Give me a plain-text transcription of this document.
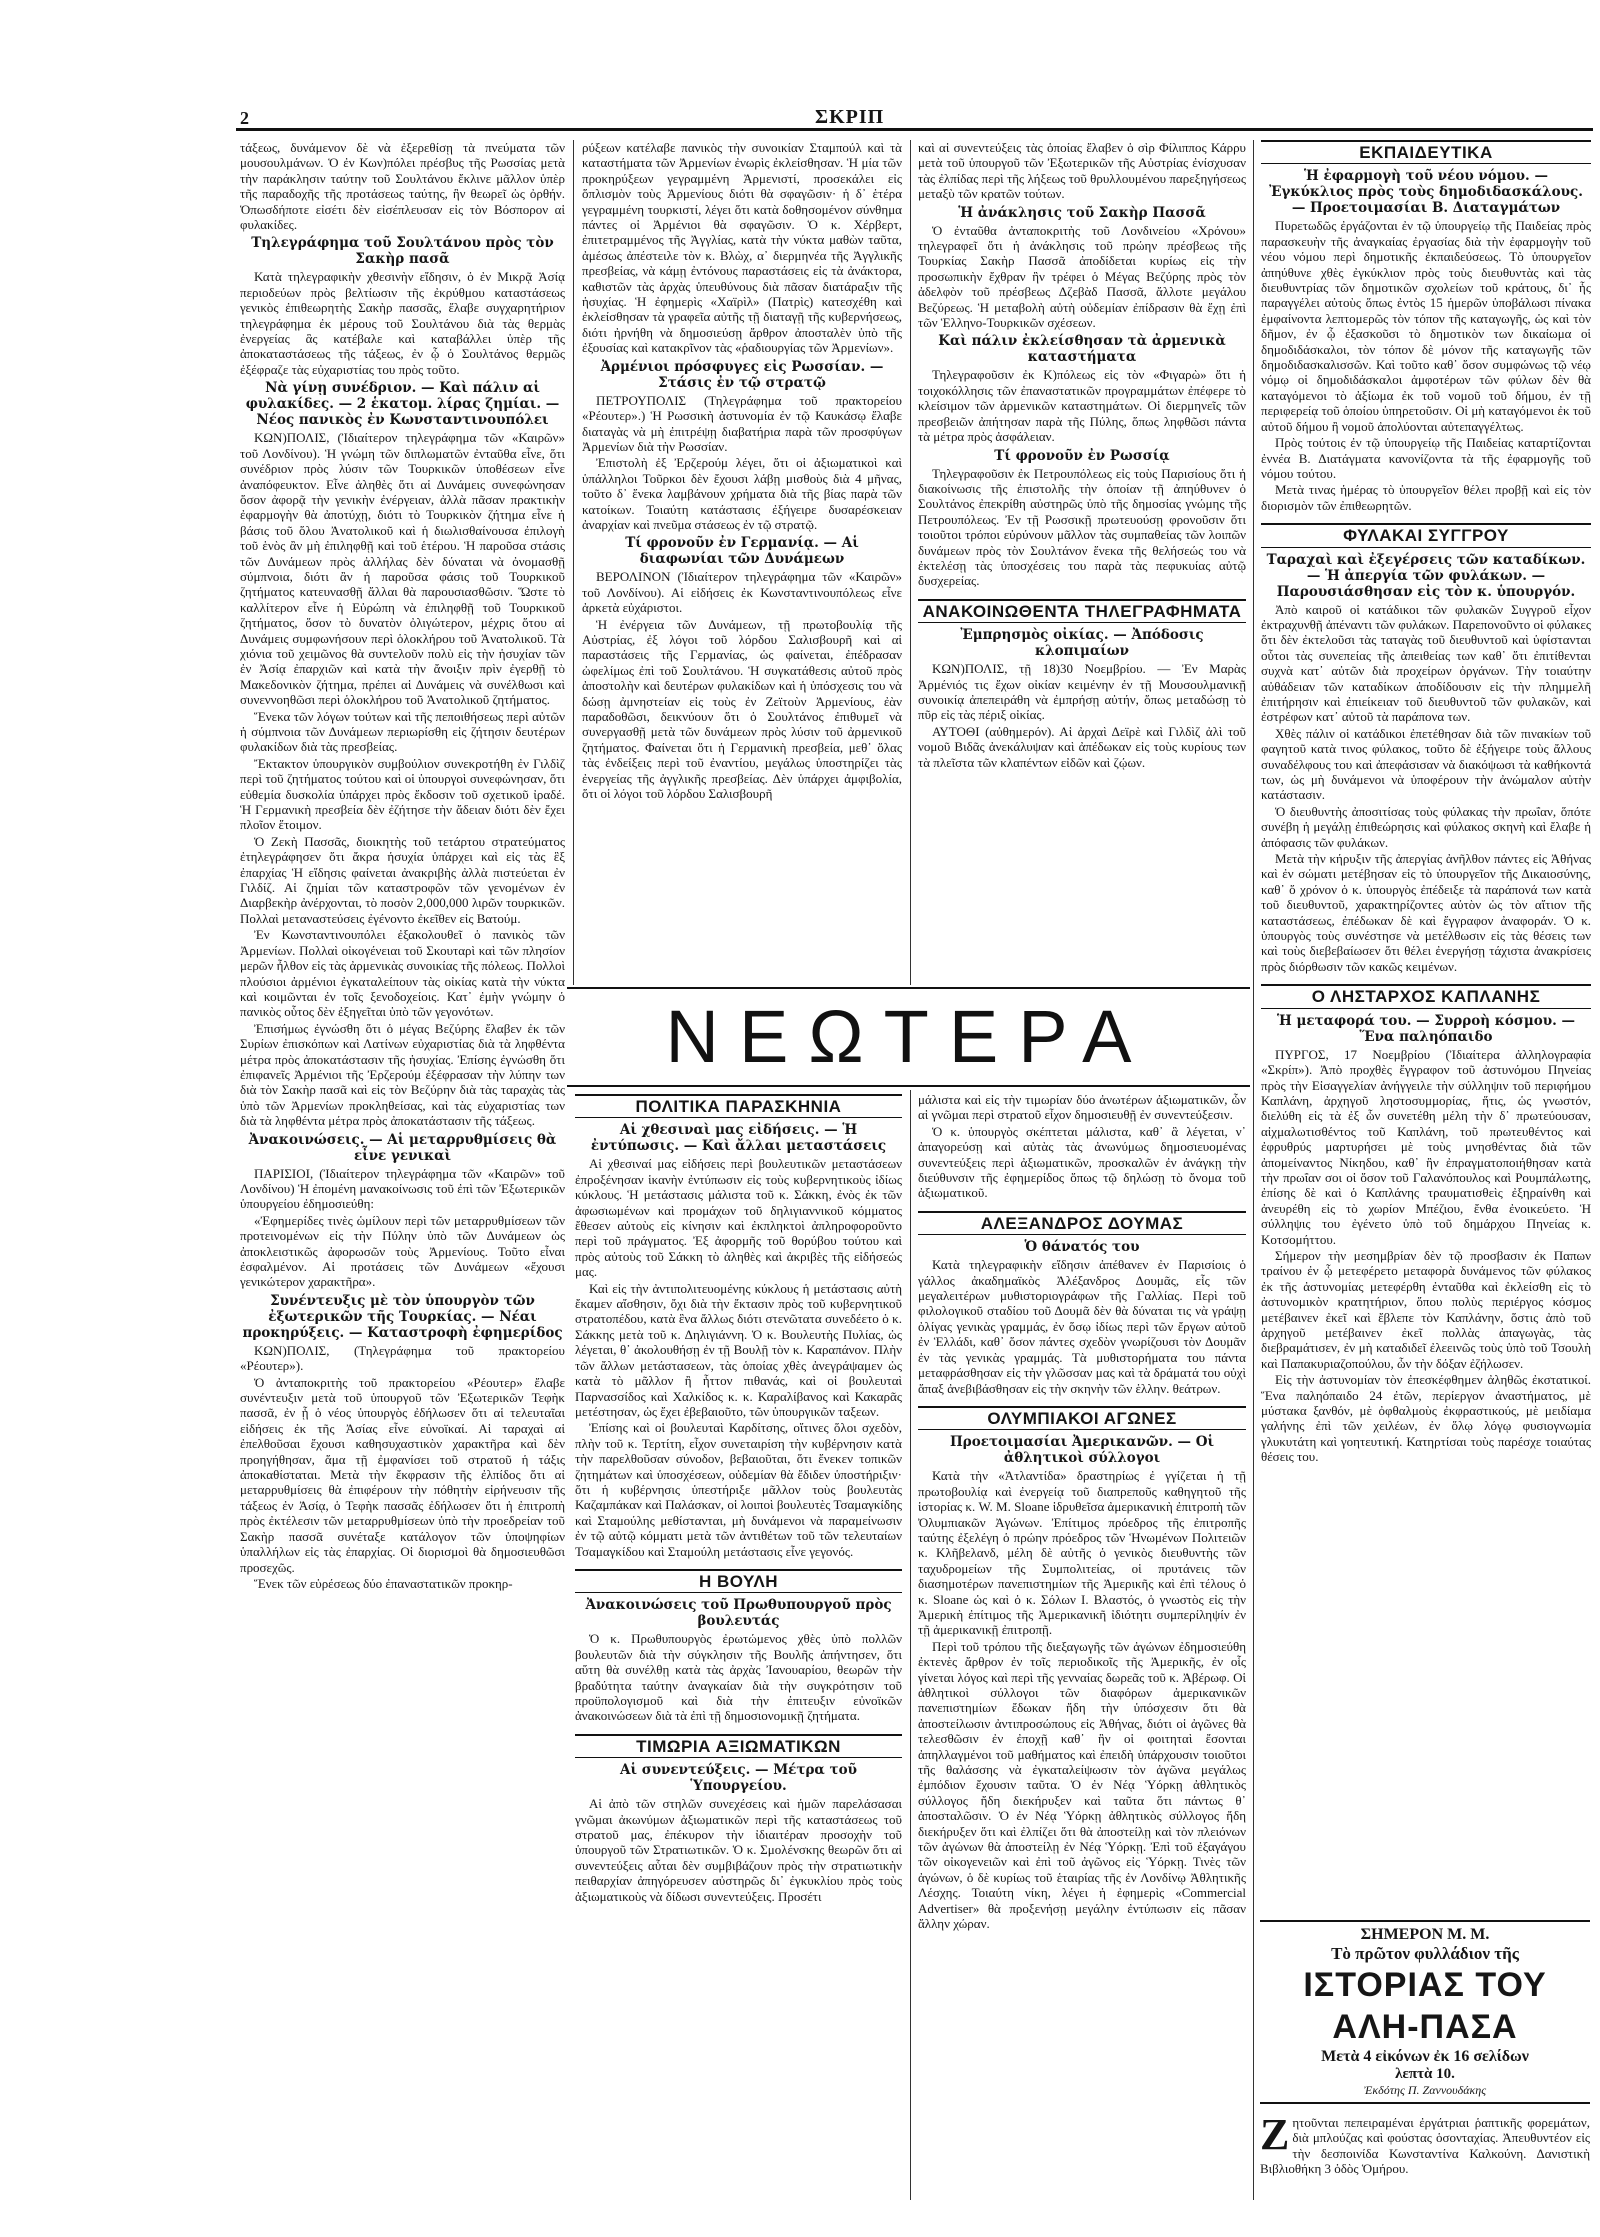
2	ΣΚΡΙΠ

τάξεως, δυνάμενον δὲ νὰ ἐξερεθίσῃ τὰ πνεύματα τῶν μουσουλμάνων. Ὁ ἐν Κων)πόλει πρέσβυς τῆς Ρωσσίας μετὰ τὴν παράκλησιν ταύτην τοῦ Σουλτάνου ἔκλινε μᾶλλον ὑπὲρ τῆς παραδοχῆς τῆς προτάσεως ταύτης, ἣν θεωρεῖ ὡς ὀρθήν. Ὁπωσδήποτε εἰσέτι δὲν εἰσέπλευσαν εἰς τὸν Βόσπορον αἱ φυλακίδες.

Τηλεγράφημα τοῦ Σουλτάνου πρὸς τὸν Σακὴρ πασᾶ

Κατὰ τηλεγραφικὴν χθεσινὴν εἴδησιν, ὁ ἐν Μικρᾷ Ἀσίᾳ περιοδεύων πρὸς βελτίωσιν τῆς ἐκρύθμου καταστάσεως γενικὸς ἐπιθεωρητὴς Σακὴρ πασσᾶς, ἔλαβε συγχαρητήριον τηλεγράφημα ἐκ μέρους τοῦ Σουλτάνου διὰ τὰς θερμὰς ἐνεργείας ἃς κατέβαλε καὶ καταβάλλει ὑπὲρ τῆς ἀποκαταστάσεως τῆς τάξεως, ἐν ᾧ ὁ Σουλτάνος θερμῶς ἐξέφραζε τὰς εὐχαριστίας του πρὸς τοῦτο.

Νὰ γίνῃ συνέδριον. — Καὶ πάλιν αἱ φυλακίδες. — 2 ἑκατομ. λίρας ζημίαι. — Νέος πανικὸς ἐν Κωνσταντινουπόλει

ΚΩΝ)ΠΟΛΙΣ, (Ἰδιαίτερον τηλεγράφημα τῶν «Καιρῶν» τοῦ Λονδίνου). Ἡ γνώμη τῶν διπλωματῶν ἐνταῦθα εἶνε, ὅτι συνέδριον πρὸς λύσιν τῶν Τουρκικῶν ὑποθέσεων εἶνε ἀναπόφευκτον. Εἶνε ἀληθὲς ὅτι αἱ Δυνάμεις συνεφώνησαν ὅσον ἀφορᾷ τὴν γενικὴν ἐνέργειαν, ἀλλὰ πᾶσαν πρακτικὴν ἐφαρμογὴν θὰ ἀποτύχῃ, διότι τὸ Τουρκικὸν ζήτημα εἶνε ἡ βάσις τοῦ ὅλου Ἀνατολικοῦ καὶ ἡ διωλισθαίνουσα ἐπιλογὴ τοῦ ἑνὸς ἂν μὴ ἐπιληφθῇ καὶ τοῦ ἑτέρου. Ἡ παροῦσα στάσις τῶν Δυνάμεων πρὸς ἀλλήλας δὲν δύναται νὰ ὀνομασθῇ σύμπνοια, διότι ἂν ἡ παροῦσα φάσις τοῦ Τουρκικοῦ ζητήματος κατευνασθῇ ἄλλαι θὰ παρουσιασθῶσιν. Ὥστε τὸ καλλίτερον εἶνε ἡ Εὐρώπη νὰ ἐπιληφθῇ τοῦ Τουρκικοῦ ζητήματος, ὅσον τὸ δυνατὸν ὀλιγώτερον, μέχρις ὅτου αἱ Δυνάμεις συμφωνήσουν περὶ ὁλοκλήρου τοῦ Ἀνατολικοῦ. Τὰ χιόνια τοῦ χειμῶνος θὰ συντελοῦν πολὺ εἰς τὴν ἡσυχίαν τῶν ἐν Ἀσίᾳ ἐπαρχιῶν καὶ κατὰ τὴν ἄνοιξιν πρὶν ἐγερθῇ τὸ Μακεδονικὸν ζήτημα, πρέπει αἱ Δυνάμεις νὰ συνέλθωσι καὶ συνεννοηθῶσι περὶ ὁλοκλήρου τοῦ Ἀνατολικοῦ ζητήματος.

Ἕνεκα τῶν λόγων τούτων καὶ τῆς πεποιθήσεως περὶ αὐτῶν ἡ σύμπνοια τῶν Δυνάμεων περιωρίσθη εἰς ζήτησιν δευτέρων φυλακίδων διὰ τὰς πρεσβείας.

Ἔκτακτον ὑπουργικὸν συμβούλιον συνεκροτήθη ἐν Γιλδὶζ περὶ τοῦ ζητήματος τούτου καὶ οἱ ὑπουργοὶ συνεφώνησαν, ὅτι εὐθεμία δυσκολία ὑπάρχει πρὸς ἔκδοσιν τοῦ σχετικοῦ ἰραδέ. Ἡ Γερμανικὴ πρεσβεία δὲν ἐζήτησε τὴν ἄδειαν διότι δὲν ἔχει πλοῖον ἕτοιμον.

Ὁ Ζεκὴ Πασσᾶς, διοικητὴς τοῦ τετάρτου στρατεύματος ἐτηλεγράφησεν ὅτι ἄκρα ἡσυχία ὑπάρχει καὶ εἰς τὰς ἓξ ἐπαρχίας Ἡ εἴδησις φαίνεται ἀνακριβὴς ἀλλὰ πιστεύεται ἐν Γιλδίζ. Αἱ ζημίαι τῶν καταστροφῶν τῶν γενομένων ἐν Διαρβεκὴρ ἀνέρχονται, τὸ ποσὸν 2,000,000 λιρῶν τουρκικῶν. Πολλαὶ μεταναστεύσεις ἐγένοντο ἐκεῖθεν εἰς Βατούμ.

Ἐν Κωνσταντινουπόλει ἐξακολουθεῖ ὁ πανικὸς τῶν Ἀρμενίων. Πολλαὶ οἰκογένειαι τοῦ Σκουταρὶ καὶ τῶν πλησίον μερῶν ἦλθον εἰς τὰς ἀρμενικὰς συνοικίας τῆς πόλεως. Πολλοὶ πλούσιοι ἀρμένιοι ἐγκαταλείπουν τὰς οἰκίας κατὰ τὴν νύκτα καὶ κοιμῶνται ἐν τοῖς ξενοδοχείοις. Κατ᾿ ἐμὴν γνώμην ὁ πανικὸς οὗτος δὲν ἐξηγεῖται ὑπὸ τῶν γεγονότων.

Ἐπισήμως ἐγνώσθη ὅτι ὁ μέγας Βεζύρης ἔλαβεν ἐκ τῶν Συρίων ἐπισκόπων καὶ Λατίνων εὐχαριστίας διὰ τὰ ληφθέντα μέτρα πρὸς ἀποκατάστασιν τῆς ἡσυχίας. Ἐπίσης ἐγνώσθη ὅτι ἐπιφανεῖς Ἀρμένιοι τῆς Ἐρζερούμ ἐξέφρασαν τὴν λύπην των διὰ τὸν Σακὴρ πασᾶ καὶ εἰς τὸν Βεζύρην διὰ τὰς ταραχὰς τὰς ὑπὸ τῶν Ἀρμενίων προκληθείσας, καὶ τὰς εὐχαριστίας των διὰ τὰ ληφθέντα μέτρα πρὸς ἀποκατάστασιν τῆς τάξεως.

Ἀνακοινώσεις. — Αἱ μεταρρυθμίσεις θὰ εἶνε γενικαὶ

ΠΑΡΙΣΙΟΙ, (Ἰδιαίτερον τηλεγράφημα τῶν «Καιρῶν» τοῦ Λονδίνου) Ἡ ἐπομένη μανακοίνωσις τοῦ ἐπὶ τῶν Ἐξωτερικῶν ὑπουργείου ἐδημοσιεύθη:

«Ἐφημερίδες τινὲς ὡμίλουν περὶ τῶν μεταρρυθμίσεων τῶν προτεινομένων εἰς τὴν Πύλην ὑπὸ τῶν Δυνάμεων ὡς ἀποκλειστικῶς ἀφορωσῶν τοὺς Ἀρμενίους. Τοῦτο εἶναι ἐσφαλμένον. Αἱ προτάσεις τῶν Δυνάμεων «ἔχουσι γενικώτερον χαρακτῆρα».

Συνέντευξις μὲ τὸν ὑπουργὸν τῶν ἐξωτερικῶν τῆς Τουρκίας. — Νέαι προκηρύξεις. — Καταστροφὴ ἐφημερίδος

ΚΩΝ)ΠΟΛΙΣ, (Τηλεγράφημα τοῦ πρακτορείου «Ρέουτερ»).

Ὁ ἀνταποκριτὴς τοῦ πρακτορείου «Ρέουτερ» ἔλαβε συνέντευξιν μετὰ τοῦ ὑπουργοῦ τῶν Ἐξωτερικῶν Τεφὴκ πασσᾶ, ἐν ᾗ ὁ νέος ὑπουργὸς ἐδήλωσεν ὅτι αἱ τελευταῖαι εἰδήσεις ἐκ τῆς Ἀσίας εἶνε εὐνοϊκαί. Αἱ ταραχαὶ αἱ ἐπελθοῦσαι ἔχουσι καθησυχαστικὸν χαρακτῆρα καὶ δὲν προηγήθησαν, ἅμα τῇ ἐμφανίσει τοῦ στρατοῦ ἡ τάξις ἀποκαθίσταται. Μετὰ τὴν ἔκφρασιν τῆς ἐλπίδος ὅτι αἱ μεταρρυθμίσεις θὰ ἐπιφέρουν τὴν πόθητὴν εἰρήνευσιν τῆς τάξεως ἐν Ἀσίᾳ, ὁ Τεφὴκ πασσᾶς ἐδήλωσεν ὅτι ἡ ἐπιτροπὴ πρὸς ἐκτέλεσιν τῶν μεταρρυθμίσεων ὑπὸ τὴν προεδρείαν τοῦ Σακὴρ πασσᾶ συνέταξε κατάλογον τῶν ὑποψηφίων ὑπαλλήλων εἰς τὰς ἐπαρχίας. Οἱ διορισμοὶ θὰ δημοσιευθῶσι προσεχῶς.

Ἕνεκ τῶν εὑρέσεως δύο ἐπαναστατικῶν προκηρ-

ρύξεων κατέλαβε πανικὸς τὴν συνοικίαν Σταμπούλ καὶ τὰ καταστήματα τῶν Ἀρμενίων ἐνωρὶς ἐκλείσθησαν. Ἡ μία τῶν προκηρύξεων γεγραμμένη Ἀρμενιστί, προσεκάλει εἰς ὅπλισμὸν τοὺς Ἀρμενίους διότι θὰ σφαγῶσιν· ἡ δ᾿ ἑτέρα γεγραμμένη τουρκιστί, λέγει ὅτι κατὰ δοθησομένον σύνθημα πάντες οἱ Ἀρμένιοι θὰ σφαγῶσιν. Ὁ κ. Χέρβερτ, ἐπιτετραμμένος τῆς Ἀγγλίας, κατὰ τὴν νύκτα μαθὼν ταῦτα, ἀμέσως ἀπέστειλε τὸν κ. Βλὼχ, α᾿ διερμηνέα τῆς Ἀγγλικῆς πρεσβείας, νὰ κάμῃ ἐντόνους παραστάσεις εἰς τὰ ἀνάκτορα, καθιστῶν τὰς ἀρχὰς ὑπευθύνους διὰ πᾶσαν διατάραξιν τῆς ἡσυχίας. Ἡ ἐφημερὶς «Χαϊρὶλ» (Πατρὶς) κατεσχέθη καὶ ἐκλείσθησαν τὰ γραφεῖα αὐτῆς τῇ διαταγῇ τῆς κυβερνήσεως, διότι ἠρνήθη νὰ δημοσιεύσῃ ἄρθρον ἀποσταλὲν ὑπὸ τῆς ἐξουσίας καὶ κατακρῖνον τὰς «ῥαδιουργίας τῶν Ἀρμενίων».

Ἀρμένιοι πρόσφυγες εἰς Ρωσσίαν. — Στάσις ἐν τῷ στρατῷ

ΠΕΤΡΟΥΠΟΛΙΣ (Τηλεγράφημα τοῦ πρακτορείου «Ρέουτερ».) Ἡ Ρωσσικὴ ἀστυνομία ἐν τῷ Καυκάσῳ ἔλαβε διαταγὰς νὰ μὴ ἐπιτρέψῃ διαβατήρια παρὰ τῶν προσφύγων Ἀρμενίων διὰ τὴν Ρωσσίαν.

Ἐπιστολὴ ἐξ Ἐρζερούμ λέγει, ὅτι οἱ ἀξιωματικοὶ καὶ ὑπάλληλοι Τοῦρκοι δὲν ἔχουσι λάβῃ μισθοὺς διὰ 4 μῆνας, τοῦτο δ᾿ ἕνεκα λαμβάνουν χρήματα διὰ τῆς βίας παρὰ τῶν κατοίκων. Τοιαύτη κατάστασις ἐξήγειρε δυσαρέσκειαν ἀναρχίαν καὶ πνεῦμα στάσεως ἐν τῷ στρατῷ.

Τί φρονοῦν ἐν Γερμανίᾳ. — Αἱ διαφωνίαι τῶν Δυνάμεων

ΒΕΡΟΛΙΝΟΝ (Ἰδιαίτερον τηλεγράφημα τῶν «Καιρῶν» τοῦ Λονδίνου). Αἱ εἰδήσεις ἐκ Κωνσταντινουπόλεως εἶνε ἀρκετὰ εὐχάριστοι.

Ἡ ἐνέργεια τῶν Δυνάμεων, τῇ πρωτοβουλίᾳ τῆς Αὐστρίας, ἐξ λόγοι τοῦ λόρδου Σαλισβουρῆ καὶ αἱ παραστάσεις τῆς Γερμανίας, ὡς φαίνεται, ἐπέδρασαν ὠφελίμως ἐπὶ τοῦ Σουλτάνου. Ἡ συγκατάθεσις αὐτοῦ πρὸς ἀποστολὴν καὶ δευτέρων φυλακίδων καὶ ἡ ὑπόσχεσις του νὰ δώσῃ ἀμνηστείαν εἰς τοὺς ἐν Ζεϊτοὺν Ἀρμενίους, ἐὰν παραδοθῶσι, δεικνύουν ὅτι ὁ Σουλτάνος ἐπιθυμεῖ νὰ συνεργασθῇ μετὰ τῶν δυνάμεων πρὸς λύσιν τοῦ ἀρμενικοῦ ζητήματος. Φαίνεται ὅτι ἡ Γερμανικὴ πρεσβεία, μεθ᾿ ὅλας τὰς ἐνδείξεις περὶ τοῦ ἐναντίου, μεγάλως ὑποστηρίζει τὰς ἐνεργείας τῆς ἀγγλικῆς πρεσβείας. Δὲν ὑπάρχει ἀμφιβολία, ὅτι οἱ λόγοι τοῦ λόρδου Σαλισβουρῆ

καὶ αἱ συνεντεύξεις τὰς ὁποίας ἔλαβεν ὁ σὶρ Φίλιππος Κάρρυ μετὰ τοῦ ὑπουργοῦ τῶν Ἐξωτερικῶν τῆς Αὐστρίας ἐνίσχυσαν τὰς ἐλπίδας περὶ τῆς λήξεως τοῦ θρυλλουμένου παρεξηγήσεως μεταξὺ τῶν κρατῶν τούτων.

Ἡ ἀνάκλησις τοῦ Σακὴρ Πασσᾶ

Ὁ ἐνταῦθα ἀνταποκριτὴς τοῦ Λονδινείου «Χρόνου» τηλεγραφεῖ ὅτι ἡ ἀνάκλησις τοῦ πρώην πρέσβεως τῆς Τουρκίας Σακὴρ Πασσᾶ ἀποδίδεται κυρίως εἰς τὴν προσωπικὴν ἔχθραν ἣν τρέφει ὁ Μέγας Βεζύρης πρὸς τὸν ἀδελφὸν τοῦ πρέσβεως Δζεβὰδ Πασσᾶ, ἄλλοτε μεγάλου Βεζύρεως. Ἡ μεταβολὴ αὐτὴ οὐδεμίαν ἐπίδρασιν θὰ ἔχῃ ἐπὶ τῶν Ἑλληνο-Τουρκικῶν σχέσεων.

Καὶ πάλιν ἐκλείσθησαν τὰ ἀρμενικὰ καταστήματα

Τηλεγραφοῦσιν ἐκ Κ)πόλεως εἰς τὸν «Φιγαρὼ» ὅτι ἡ τοιχοκόλλησις τῶν ἐπαναστατικῶν προγραμμάτων ἐπέφερε τὸ κλείσιμον τῶν ἀρμενικῶν καταστημάτων. Οἱ διερμηνεῖς τῶν πρεσβειῶν ἀπήτησαν παρὰ τῆς Πύλης, ὅπως ληφθῶσι πάντα τὰ μέτρα πρὸς ἀσφάλειαν.

Τί φρονοῦν ἐν Ρωσσίᾳ

Τηλεγραφοῦσιν ἐκ Πετρουπόλεως εἰς τοὺς Παρισίους ὅτι ἡ διακοίνωσις τῆς ἐπιστολῆς τὴν ὁποίαν τῇ ἀπηύθυνεν ὁ Σουλτάνος ἐπεκρίθη αὐστηρῶς ὑπὸ τῆς δημοσίας γνώμης τῆς Πετρουπόλεως. Ἐν τῇ Ρωσσικῇ πρωτευούσῃ φρονοῦσιν ὅτι τοιοῦτοι τρόποι εὐρύνουν μᾶλλον τὰς συμπαθείας τῶν λοιπῶν δυνάμεων πρὸς τὸν Σουλτάνον ἕνεκα τῆς θελήσεώς του νὰ ἐκτελέσῃ τὰς ὑποσχέσεις του παρὰ τὰς πεφυκυίας αὐτῷ δυσχερείας.

ΑΝΑΚΟΙΝΩΘΕΝΤΑ ΤΗΛΕΓΡΑΦΗΜΑΤΑ
Ἐμπρησμὸς οἰκίας. — Ἀπόδοσις κλοπιμαίων

ΚΩΝ)ΠΟΛΙΣ, τῇ 18)30 Νοεμβρίου. — Ἐν Μαρὰς Ἀρμένιός τις ἔχων οἰκίαν κειμένην ἐν τῇ Μουσουλμανικῇ συνοικίᾳ ἀπεπειράθη νὰ ἐμπρήσῃ αὐτήν, ὅπως μεταδώσῃ τὸ πῦρ εἰς τὰς πέριξ οἰκίας.

ΑΥΤΟΘΙ (αὐθημερόν). Αἱ ἀρχαὶ Δεϊρὲ καὶ Γιλδὶζ ἀλὶ τοῦ νομοῦ Βιδᾶς ἀνεκάλυψαν καὶ ἀπέδωκαν εἰς τοὺς κυρίους των τὰ πλεῖστα τῶν κλαπέντων εἰδῶν καὶ ζῴων.

ΕΚΠΑΙΔΕΥΤΙΚΑ
Ἡ ἐφαρμογὴ τοῦ νέου νόμου. — Ἐγκύκλιος πρὸς τοὺς δημοδιδασκάλους. — Προετοιμασίαι Β. Διαταγμάτων

Πυρετωδῶς ἐργάζονται ἐν τῷ ὑπουργείῳ τῆς Παιδείας πρὸς παρασκευὴν τῆς ἀναγκαίας ἐργασίας διὰ τὴν ἐφαρμογὴν τοῦ νέου νόμου περὶ δημοτικῆς ἐκπαιδεύσεως. Τὸ ὑπουργεῖον ἀπηύθυνε χθὲς ἐγκύκλιον πρὸς τοὺς διευθυντὰς καὶ τὰς διευθυντρίας τῶν δημοτικῶν σχολείων τοῦ κράτους, δι᾿ ἧς παραγγέλει αὐτοὺς ὅπως ἐντὸς 15 ἡμερῶν ὑποβάλωσι πίνακα ἐμφαίνοντα λεπτομερῶς τὸν τόπον τῆς καταγωγῆς, ὡς καὶ τὸν δῆμον, ἐν ᾧ ἐξασκοῦσι τὸ δημοτικὸν των δικαίωμα οἱ δημοδιδάσκαλοι, τὸν τόπον δὲ μόνον τῆς καταγωγῆς τῶν δημοδιδασκαλισσῶν. Καὶ τοῦτο καθ᾿ ὅσον συμφώνως τῷ νέῳ νόμῳ οἱ δημοδιδάσκαλοι ἀμφοτέρων τῶν φύλων δὲν θὰ καταγόμενοι τὸ ἀξίωμα ἐκ τοῦ νομοῦ τοῦ δήμου, ἐν τῇ περιφερείᾳ τοῦ ὁποίου ὑπηρετοῦσιν. Οἱ μὴ καταγόμενοι ἐκ τοῦ αὐτοῦ δήμου ἢ νομοῦ ἀπολύονται αὐτεπαγγέλτως.

Πρὸς τούτοις ἐν τῷ ὑπουργείῳ τῆς Παιδείας καταρτίζονται ἐννέα Β. Διατάγματα κανονίζοντα τὰ τῆς ἐφαρμογῆς τοῦ νόμου τούτου.

Μετὰ τινας ἡμέρας τὸ ὑπουργεῖον θέλει προβῇ καὶ εἰς τὸν διορισμὸν τῶν ἐπιθεωρητῶν.

ΦΥΛΑΚΑΙ ΣΥΓΓΡΟΥ
Ταραχαὶ καὶ ἐξεγέρσεις τῶν καταδίκων. — Ἡ ἀπεργία τῶν φυλάκων. — Παρουσιάσθησαν εἰς τὸν κ. ὑπουργόν.

Ἀπὸ καιροῦ οἱ κατάδικοι τῶν φυλακῶν Συγγροῦ εἶχον ἐκτραχυνθῇ ἀπέναντι τῶν φυλάκων. Παρεπονοῦντο οἱ φύλακες ὅτι δὲν ἐκτελοῦσι τὰς ταταγὰς τοῦ διευθυντοῦ καὶ ὑφίστανται οὗτοι τὰς συνεπείας τῆς ἀπειθείας των καθ᾿ ὅτι ἐπιτίθενται συχνὰ κατ᾿ αὐτῶν διὰ προχείρων ὀργάνων. Τὴν τοιαύτην αὐθάδειαν τῶν καταδίκων ἀποδίδουσιν εἰς τὴν πλημμελῆ ἐπιτήρησιν καὶ ἐπιείκειαν τοῦ διευθυντοῦ τῶν φυλακῶν, καὶ ἐστρέφων κατ᾿ αὐτοῦ τὰ παράπονα των.

Χθὲς πάλιν οἱ κατάδικοι ἐπετέθησαν διὰ τῶν πινακίων τοῦ φαγητοῦ κατὰ τινος φύλακος, τοῦτο δὲ ἐξήγειρε τοὺς ἄλλους συναδέλφους του καὶ ἀπεφάσισαν νὰ διακόψωσι τὰ καθήκοντά των, ὡς μὴ δυνάμενοι νὰ ὑποφέρουν τὴν ἀνώμαλον αὐτὴν κατάστασιν.

Ὁ διευθυντὴς ἀποσιτίσας τοὺς φύλακας τὴν πρωΐαν, ὅπότε συνέβη ἡ μεγάλῃ ἐπιθεώρησις καὶ φύλακος σκηνὴ καὶ ἔλαβε ἡ ἀπόφασις τῶν φυλάκων.

Μετὰ τὴν κήρυξιν τῆς ἀπεργίας ἀνῆλθον πάντες εἰς Ἀθήνας καὶ ἐν σώματι μετέβησαν εἰς τὸ ὑπουργεῖον τῆς Δικαιοσύνης, καθ᾿ ὅ χρόνον ὁ κ. ὑπουργὸς ἐπέδειξε τὰ παράπονά των κατὰ τοῦ διευθυντοῦ, χαρακτηρίζοντες αὐτὸν ὡς τὸν αἴτιον τῆς καταστάσεως, ἐπέδωκαν δὲ καὶ ἔγγραφον ἀναφοράν. Ὁ κ. ὑπουργὸς τοὺς συνέστησε νὰ μετέλθωσιν εἰς τὰς θέσεις των καὶ τοὺς διεβεβαίωσεν ὅτι θέλει ἐνεργήσῃ τάχιστα ἀνακρίσεις πρὸς διόρθωσιν τῶν κακῶς κειμένων.

Ο ΛΗΣΤΑΡΧΟΣ ΚΑΠΛΑΝΗΣ
Ἡ μεταφορά του. — Συρροὴ κόσμου. — Ἕνα παληόπαιδο

ΠΥΡΓΟΣ, 17 Νοεμβρίου (Ἰδιαίτερα ἀλληλογραφία «Σκρίπ»). Ἀπὸ προχθὲς ἔγγραφον τοῦ ἀστυνόμου Πηνείας πρὸς τὴν Εἰσαγγελίαν ἀνήγγειλε τὴν σύλληψιν τοῦ περιφήμου Καπλάνη, ἀρχηγοῦ ληστοσυμμορίας, ἥτις, ὡς γνωστόν, διελύθη εἰς τὰ ἐξ ὧν συνετέθη μέλη τὴν δ᾿ πρωτεύουσαν, αἰχμαλωτισθέντος τοῦ Καπλάνη, τοῦ πρωτευθέντος καὶ ἐφρυθρύς μαρτυρήσει μὲ τοὺς μνησθέντας διὰ τῶν ἀπομείναντος Νίκηδου, καθ᾿ ἣν ἐπραγματοποιήθησαν κατὰ τὴν πρωΐαν σοι οἱ ὅσον τοῦ Γαλανόπουλος καὶ Ρουμπάλωτης, ἐπίσης δὲ καὶ ὁ Καπλάνης τραυματισθεὶς ἐξηραίνθη καὶ ἀνευρέθη εἰς τὸ χωρίον Μπέζιου, ἔνθα ἐνοικεύετο. Ἡ σύλληψις του ἐγένετο ὑπὸ τοῦ δημάρχου Πηνείας κ. Κοτσομήττου.

Σήμερον τὴν μεσημβρίαν δὲν τῷ προσβασιν ἐκ Παπων τραίνου ἐν ᾧ μετεφέρετο μεταφορὰ δυνάμενος τῶν φύλακος ἐκ τῆς ἀστυνομίας μετεφέρθη ἐνταῦθα καὶ ἐκλείσθη εἰς τὸ ἀστυνομικὸν κρατητήριον, ὅπου πολὺς περιέργος κόσμος μετέβαινεν ἐκεῖ καὶ ἔβλεπε τὸν Καπλάνην, ὅστις ἀπὸ τοῦ ἀρχηγοῦ μετέβαινεν ἐκεῖ πολλὰς ἀπαγωγὰς, τὰς διεβραμάτισεν, ἐν μὴ καταδιδεῖ ἐλεεινῶς τοὺς ὑπὸ τοῦ Τσουλὴ καὶ Παπακυριαζοπούλου, ὧν τὴν δόξαν ἐζήλωσεν.

Εἰς τὴν ἀστυνομίαν τὸν ἐπεσκέφθημεν ἀληθῶς ἐκστατικοί. Ἕνα παληόπαιδο 24 ἐτῶν, περίεργον ἀναστήματος, μὲ μύστακα ξανθόν, μὲ ὀφθαλμοὺς ἐκφραστικούς, μὲ μειδίαμα γαλήνης ἐπὶ τῶν χειλέων, ἐν ὅλῳ λόγῳ φυσιογνωμία γλυκυτάτη καὶ γοητευτική. Κατηρτίσαι τοὺς παρέσχε τοιαύτας θέσεις του.

ΝΕΩΤΕΡΑ
ΠΟΛΙΤΙΚΑ ΠΑΡΑΣΚΗΝΙΑ
Αἱ χθεσιναὶ μας εἰδήσεις. — Ἡ ἐντύπωσις. — Καὶ ἄλλαι μεταστάσεις

Αἱ χθεσιναί μας εἰδήσεις περὶ βουλευτικῶν μεταστάσεων ἐπροξένησαν ἱκανὴν ἐντύπωσιν εἰς τοὺς κυβερνητικοὺς ἰδίως κύκλους. Ἡ μετάστασις μάλιστα τοῦ κ. Σάκκη, ἐνὸς ἐκ τῶν ἀφωσιωμένων καὶ προμάχων τοῦ δηλιγιαννικοῦ κόμματος ἔθεσεν αὐτοὺς εἰς κίνησιν καὶ ἐκπληκτοὶ ἀπληροφοροῦντο περὶ τοῦ πράγματος. Ἐξ ἀφορμῆς τοῦ θορύβου τούτου καὶ πρὸς αὐτοὺς τοῦ Σάκκη τὸ ἀληθὲς καὶ ἀκριβὲς τῆς εἰδήσεώς μας.

Καὶ εἰς τὴν ἀντιπολιτευομένης κύκλους ἡ μετάστασις αὐτὴ ἔκαμεν αἴσθησιν, ὄχι διὰ τὴν ἔκτασιν πρὸς τοῦ κυβερνητικοῦ στρατοπέδου, κατὰ ἓνα ἄλλως διότι στενῶτατα συνεδέετο ὁ κ. Σάκκης μετὰ τοῦ κ. Δηλιγιάννη. Ὁ κ. Βουλευτὴς Πυλίας, ὡς λέγεται, θ᾿ ἀκολουθήσῃ ἐν τῇ Βουλῇ τὸν κ. Καραπάνον. Πλὴν τῶν ἄλλων μετάστασεων, τὰς ὁποίας χθὲς ἀνεγράψαμεν ὡς κατὰ τὸ μᾶλλον ἢ ἧττον πιθανάς, καὶ οἱ βουλευταὶ Παρνασσίδος καὶ Χαλκίδος κ. κ. Καραλίβανος καὶ Κακαρᾶς μετέστησαν, ὡς ἔχει ἐβεβαιοῦτο, τῶν ὑπουργικῶν ταξεων.

Ἐπίσης καὶ οἱ βουλευταὶ Καρδίτσης, οἵτινες ὅλοι σχεδὸν, πλὴν τοῦ κ. Τερτίτη, εἶχον συνεταιρίση τὴν κυβέρνησιν κατὰ τὴν παρελθοῦσαν σύνοδον, βεβαιοῦται, ὅτι ἕνεκεν τοπικῶν ζητημάτων καὶ ὑποσχέσεων, οὐδεμίαν θὰ ἔδιδεν ὑποστήριξιν· ὅτι ἡ κυβέρνησις ὑπεστήριξε μᾶλλον τοὺς βουλευτὰς Καζαμπάκαν καὶ Παλάσκαν, οἱ λοιποὶ βουλευτὲς Τσαμαγκίδης καὶ Σταμούλης μεθίστανται, μὴ δυνάμενοι νὰ παραμείνωσιν ἐν τῷ αὐτῷ κόμματι μετὰ τῶν ἀντιθέτων τοῦ τῶν τελευταίων Τσαμαγκίδου καὶ Σταμούλη μετάστασις εἶνε γεγονός.

Η ΒΟΥΛΗ
Ἀνακοινώσεις τοῦ Πρωθυπουργοῦ πρὸς βουλευτάς

Ὁ κ. Πρωθυπουργὸς ἐρωτώμενος χθὲς ὑπὸ πολλῶν βουλευτῶν διὰ τὴν σύγκλησιν τῆς Βουλῆς ἀπήντησεν, ὅτι αὕτη θὰ συνέλθῃ κατὰ τὰς ἀρχὰς Ἰανουαρίου, θεωρῶν τὴν βραδύτητα ταύτην ἀναγκαίαν διὰ τὴν συγκρότησιν τοῦ προϋπολογισμοῦ καὶ διὰ τὴν ἐπιτευξιν εὐνοϊκῶν ἀνακοινώσεων διὰ τὰ ἐπὶ τῇ δημοσιονομικῇ ζητήματα.

ΤΙΜΩΡΙΑ ΑΞΙΩΜΑΤΙΚΩΝ
Αἱ συνεντεύξεις. — Μέτρα τοῦ Ὑπουργείου.

Αἱ ἀπὸ τῶν στηλῶν συνεχέσεις καὶ ἡμῶν παρελάσασαι γνῶμαι ἀκωνύμων ἀξιωματικῶν περὶ τῆς καταστάσεως τοῦ στρατοῦ μας, ἐπέκυρον τὴν ἰδιαιτέραν προσοχὴν τοῦ ὑπουργοῦ τῶν Στρατιωτικῶν. Ὁ κ. Σμολένσκης θεωρῶν ὅτι αἱ συνεντεύξεις αὗται δὲν συμβιβάζουν πρὸς τὴν στρατιωτικὴν πειθαρχίαν ἀπηγόρευσεν αὐστηρῶς δι᾿ ἐγκυκλίου πρὸς τοὺς ἀξιωματικοὺς νὰ δίδωσι συνεντεύξεις. Προσέτι

μάλιστα καὶ εἰς τὴν τιμωρίαν δύο ἀνωτέρων ἀξιωματικῶν, ὧν αἱ γνῶμαι περὶ στρατοῦ εἶχον δημοσιευθῇ ἐν συνεντεύξεσιν.

Ὁ κ. ὑπουργὸς σκέπτεται μάλιστα, καθ᾿ ἃ λέγεται, ν᾿ ἀπαγορεύσῃ καὶ αὐτὰς τὰς ἀνωνύμως δημοσιευομένας συνεντεύξεις περὶ ἀξιωματικῶν, προσκαλῶν ἐν ἀνάγκῃ τὴν διεύθυνσιν τῆς ἐφημερίδος ὅπως τῷ δηλώσῃ τὸ ὄνομα τοῦ ἀξιωματικοῦ.

ΑΛΕΞΑΝΔΡΟΣ ΔΟΥΜΑΣ
Ὁ θάνατός του

Κατὰ τηλεγραφικὴν εἴδησιν ἀπέθανεν ἐν Παρισίοις ὁ γάλλος ἀκαδημαϊκὸς Ἀλέξανδρος Δουμᾶς, εἷς τῶν μεγαλειτέρων μυθιστοριογράφων τῆς Γαλλίας. Περὶ τοῦ φιλολογικοῦ σταδίου τοῦ Δουμᾶ δὲν θὰ δύναται τις νὰ γράψῃ ὀλίγας γενικὰς γραμμάς, ἐν ὅσῳ ἰδίως περὶ τῶν ἔργων αὐτοῦ ἐν Ἑλλάδι, καθ᾿ ὅσον πάντες σχεδὸν γνωρίζουσι τὸν Δουμᾶν ἐν τὰς γενικὰς γραμμάς. Τὰ μυθιστορήματα του πάντα μεταφράσθησαν εἰς τὴν γλῶσσαν μας καὶ τὰ δράματά του οὐχὶ ἅπαξ ἀνεβιβάσθησαν εἰς τὴν σκηνὴν τῶν ἑλλην. θεάτρων.

ΟΛΥΜΠΙΑΚΟΙ ΑΓΩΝΕΣ
Προετοιμασίαι Ἀμερικανῶν. — Οἱ ἀθλητικοὶ σύλλογοι

Κατὰ τὴν «Ἀτλαντίδα» δραστηρίως ἐ γγίζεται ἡ τῇ πρωτοβουλίᾳ καὶ ἐνεργείᾳ τοῦ διαπρεποῦς καθηγητοῦ τῆς ἱστορίας κ. W. M. Sloane ἱδρυθεῖσα ἀμερικανικὴ ἐπιτροπὴ τῶν Ὀλυμπιακῶν Ἀγώνων. Ἐπίτιμος πρόεδρος τῆς ἐπιτροπῆς ταύτης ἐξελέγη ὁ πρώην πρόεδρος τῶν Ἡνωμένων Πολιτειῶν κ. Κλῆβελανδ, μέλη δὲ αὐτῆς ὁ γενικὸς διευθυντὴς τῶν ταχυδρομείων τῆς Συμπολιτείας, οἱ πρυτάνεις τῶν διασημοτέρων πανεπιστημίων τῆς Ἀμερικῆς καὶ ἐπὶ τέλους ὁ κ. Sloane ὡς καὶ ὁ κ. Σόλων Ι. Βλαστός, ὁ γνωστὸς εἰς τὴν Ἀμερικὴ ἐπίτιμος τῆς Ἀμερικανικῆ ἰδιότητι συμπερίληψίν ἐν τῇ ἀμερικανικῇ ἐπιτροπῇ.

Περὶ τοῦ τρόπου τῆς διεξαγωγῆς τῶν ἀγώνων ἐδημοσιεύθη ἐκτενὲς ἄρθρον ἐν τοῖς περιοδικοῖς τῆς Ἀμερικῆς, ἐν οἷς γίνεται λόγος καὶ περὶ τῆς γενναίας δωρεᾶς τοῦ κ. Ἀβέρωφ. Οἱ ἀθλητικοὶ σύλλογοι τῶν διαφόρων ἀμερικανικῶν πανεπιστημίων ἔδωκαν ἤδη τὴν ὑπόσχεσιν ὅτι θὰ ἀποστείλωσιν ἀντιπροσώπους εἰς Ἀθήνας, διότι οἱ ἀγῶνες θὰ τελεσθῶσιν ἐν ἐποχῇ καθ᾿ ἣν οἱ φοιτηταὶ ἔσονται ἀπηλλαγμένοι τοῦ μαθήματος καὶ ἐπειδὴ ὑπάρχουσιν τοιοῦτοι τῆς θαλάσσης νὰ ἐγκαταλείψωσιν τὸν ἀγῶνα μεγάλως ἐμπόδιον ἔχουσιν ταῦτα. Ὁ ἐν Νέᾳ Ὑόρκῃ ἀθλητικὸς σύλλογος ἤδη διεκήρυξεν καὶ ταῦτα ὅτι πάντως θ᾿ ἀποσταλῶσιν. Ὁ ἐν Νέᾳ Ὑόρκῃ ἀθλητικὸς σύλλογος ἤδη διεκήρυξεν ὅτι καὶ ἐλπίζει ὅτι θὰ ἀποστείλῃ καὶ τὸν πλειόνων τῶν ἀγώνων θὰ ἀποστείλῃ ἐν Νέᾳ Ὑόρκῃ. Ἐπὶ τοῦ ἐξαγάγου τῶν οἰκογενειῶν καὶ ἐπὶ τοῦ ἀγῶνος εἰς Ὑόρκῃ. Τινὲς τῶν ἀγώνων, ὁ δὲ κυρίως τοῦ ἑταιρίας τῆς ἐν Λονδίνῳ Ἀθλητικῆς Λέσχης. Τοιαύτη νίκη, λέγει ἡ ἐφημερὶς «Commercial Advertiser» θὰ προξενήσῃ μεγάλην ἐντύπωσιν εἰς πᾶσαν ἄλλην χώραν.

ΣΗΜΕΡΟΝ Μ. Μ.
Τὸ πρῶτον φυλλάδιον τῆς
ΙΣΤΟΡΙΑΣ ΤΟΥ ΑΛΗ-ΠΑΣΑ
Μετὰ 4 εἰκόνων ἐκ 16 σελίδων
λεπτὰ 10.
Ἐκδότης Π. Ζαννουδάκης
Ζ ητοῦνται πεπειραμέναι ἐργάτριαι ῥαπτικῆς φορεμάτων, διὰ μπλούζας καὶ φούστας ὁσονταχίας. Ἀπευθυντέον εἰς τὴν δεσποινίδα Κωνσταντίνα Καλκούνη. Δανιστικὴ Βιβλιοθήκη 3 ὁδὸς Ὁμήρου.
